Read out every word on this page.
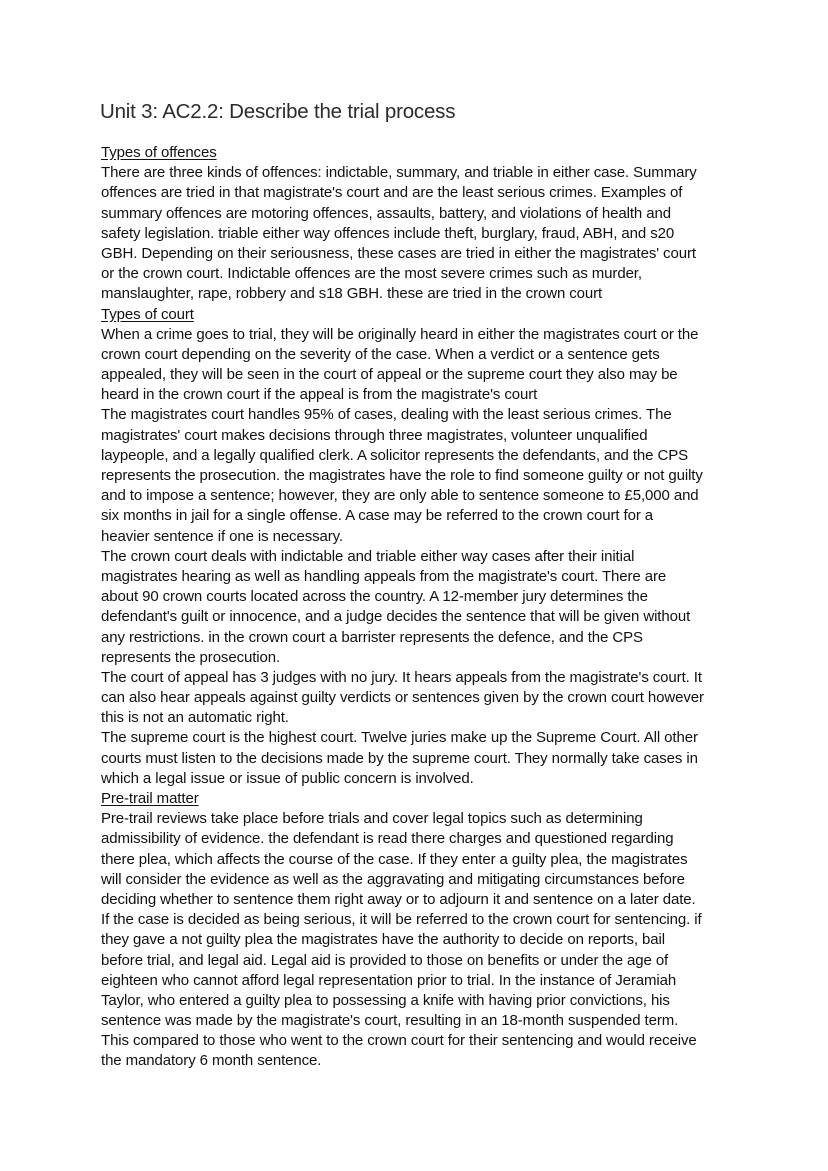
Unit 3: AC2.2: Describe the trial process
Types of offences
There are three kinds of offences: indictable, summary, and triable in either case. Summary
offences are tried in that magistrate's court and are the least serious crimes. Examples of
summary offences are motoring offences, assaults, battery, and violations of health and
safety legislation. triable either way offences include theft, burglary, fraud, ABH, and s20
GBH. Depending on their seriousness, these cases are tried in either the magistrates' court
or the crown court. Indictable offences are the most severe crimes such as murder,
manslaughter, rape, robbery and s18 GBH. these are tried in the crown court
Types of court
When a crime goes to trial, they will be originally heard in either the magistrates court or the
crown court depending on the severity of the case. When a verdict or a sentence gets
appealed, they will be seen in the court of appeal or the supreme court they also may be
heard in the crown court if the appeal is from the magistrate's court
The magistrates court handles 95% of cases, dealing with the least serious crimes. The
magistrates' court makes decisions through three magistrates, volunteer unqualified
laypeople, and a legally qualified clerk. A solicitor represents the defendants, and the CPS
represents the prosecution. the magistrates have the role to find someone guilty or not guilty
and to impose a sentence; however, they are only able to sentence someone to £5,000 and
six months in jail for a single offense. A case may be referred to the crown court for a
heavier sentence if one is necessary.
The crown court deals with indictable and triable either way cases after their initial
magistrates hearing as well as handling appeals from the magistrate's court. There are
about 90 crown courts located across the country. A 12-member jury determines the
defendant's guilt or innocence, and a judge decides the sentence that will be given without
any restrictions. in the crown court a barrister represents the defence, and the CPS
represents the prosecution.
The court of appeal has 3 judges with no jury. It hears appeals from the magistrate's court. It
can also hear appeals against guilty verdicts or sentences given by the crown court however
this is not an automatic right.
The supreme court is the highest court. Twelve juries make up the Supreme Court. All other
courts must listen to the decisions made by the supreme court. They normally take cases in
which a legal issue or issue of public concern is involved.
Pre-trail matter
Pre-trail reviews take place before trials and cover legal topics such as determining
admissibility of evidence. the defendant is read there charges and questioned regarding
there plea, which affects the course of the case. If they enter a guilty plea, the magistrates
will consider the evidence as well as the aggravating and mitigating circumstances before
deciding whether to sentence them right away or to adjourn it and sentence on a later date.
If the case is decided as being serious, it will be referred to the crown court for sentencing. if
they gave a not guilty plea the magistrates have the authority to decide on reports, bail
before trial, and legal aid. Legal aid is provided to those on benefits or under the age of
eighteen who cannot afford legal representation prior to trial. In the instance of Jeramiah
Taylor, who entered a guilty plea to possessing a knife with having prior convictions, his
sentence was made by the magistrate's court, resulting in an 18-month suspended term.
This compared to those who went to the crown court for their sentencing and would receive
the mandatory 6 month sentence.
